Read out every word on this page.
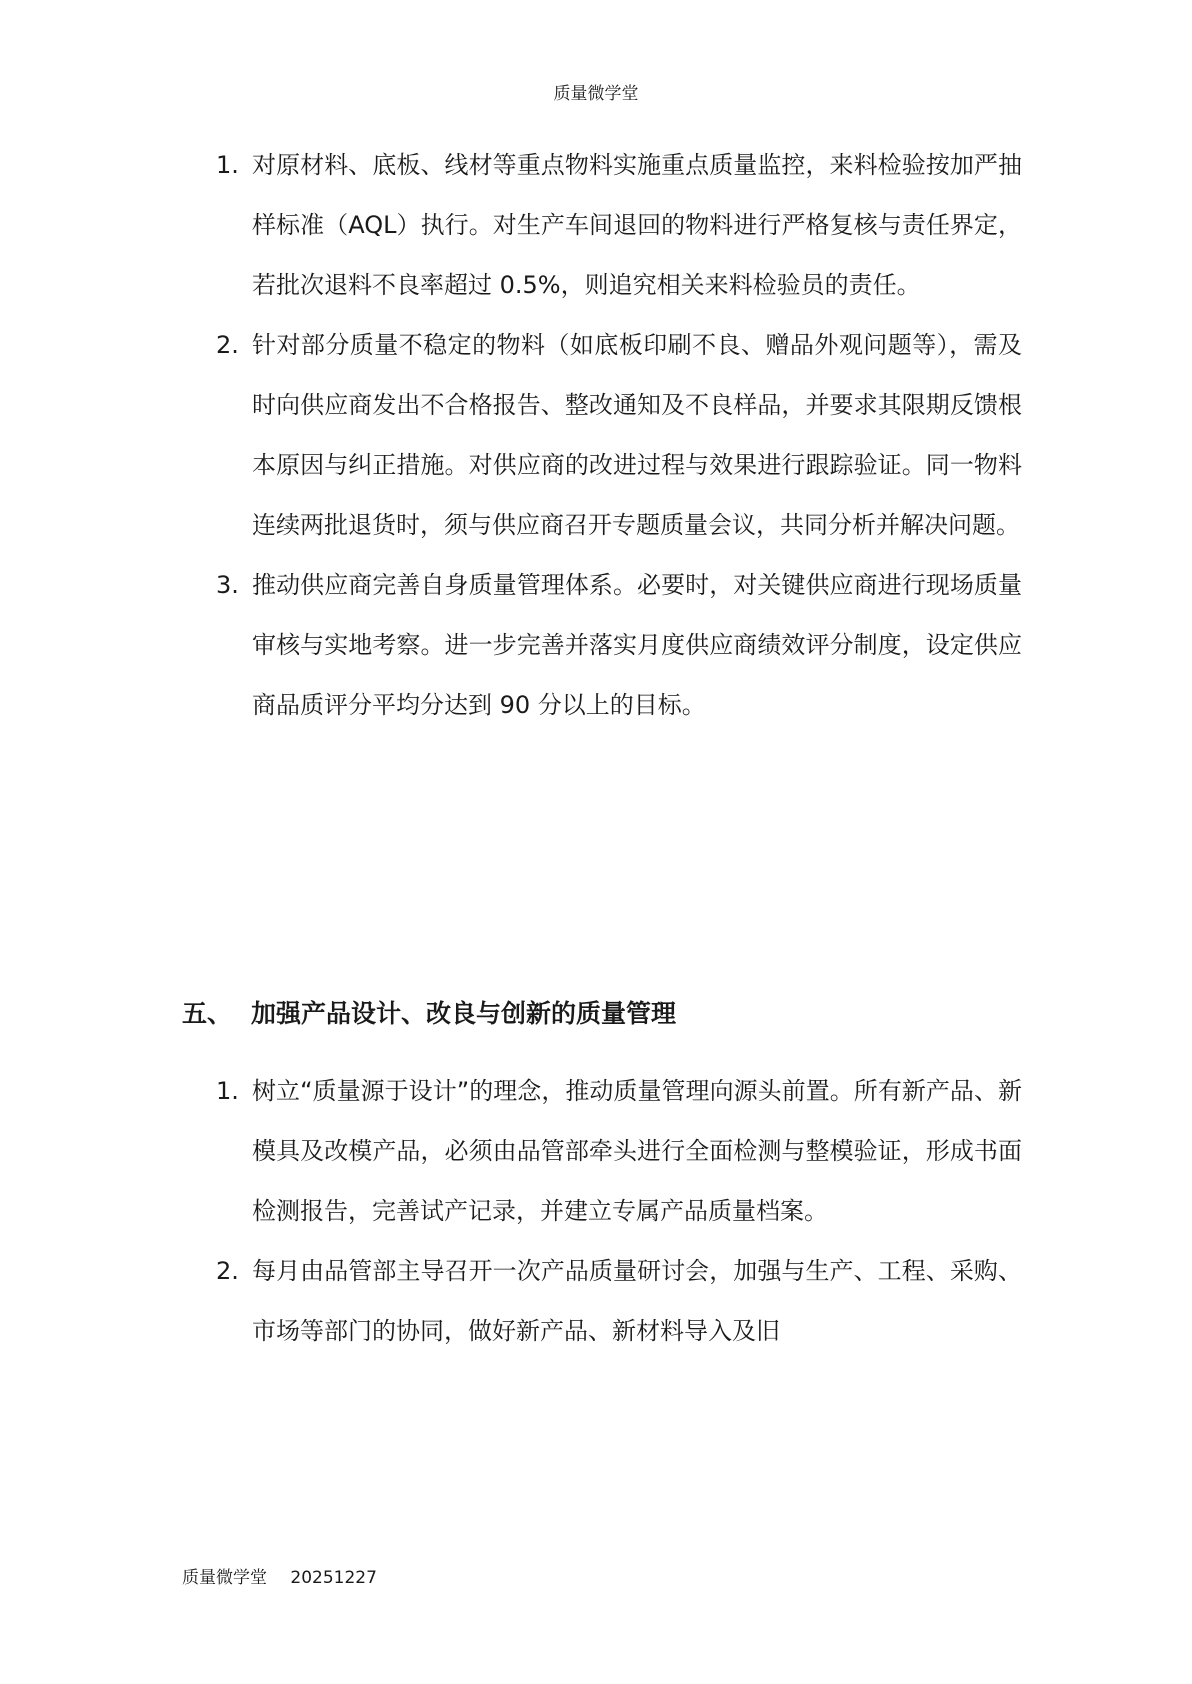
质量微学堂
1. 对原材料、底板、线材等重点物料实施重点质量监控，来料检验按加严抽样标准（AQL）执行。对生产车间退回的物料进行严格复核与责任界定，若批次退料不良率超过 0.5%，则追究相关来料检验员的责任。

2. 针对部分质量不稳定的物料（如底板印刷不良、赠品外观问题等），需及时向供应商发出不合格报告、整改通知及不良样品，并要求其限期反馈根本原因与纠正措施。对供应商的改进过程与效果进行跟踪验证。同一物料连续两批退货时，须与供应商召开专题质量会议，共同分析并解决问题。

3. 推动供应商完善自身质量管理体系。必要时，对关键供应商进行现场质量审核与实地考察。进一步完善并落实月度供应商绩效评分制度，设定供应商品质评分平均分达到 90 分以上的目标。

五、 加强产品设计、改良与创新的质量管理
1. 树立“质量源于设计”的理念，推动质量管理向源头前置。所有新产品、新模具及改模产品，必须由品管部牵头进行全面检测与整模验证，形成书面检测报告，完善试产记录，并建立专属产品质量档案。

2. 每月由品管部主导召开一次产品质量研讨会，加强与生产、工程、采购、市场等部门的协同，做好新产品、新材料导入及旧

质量微学堂 20251227
